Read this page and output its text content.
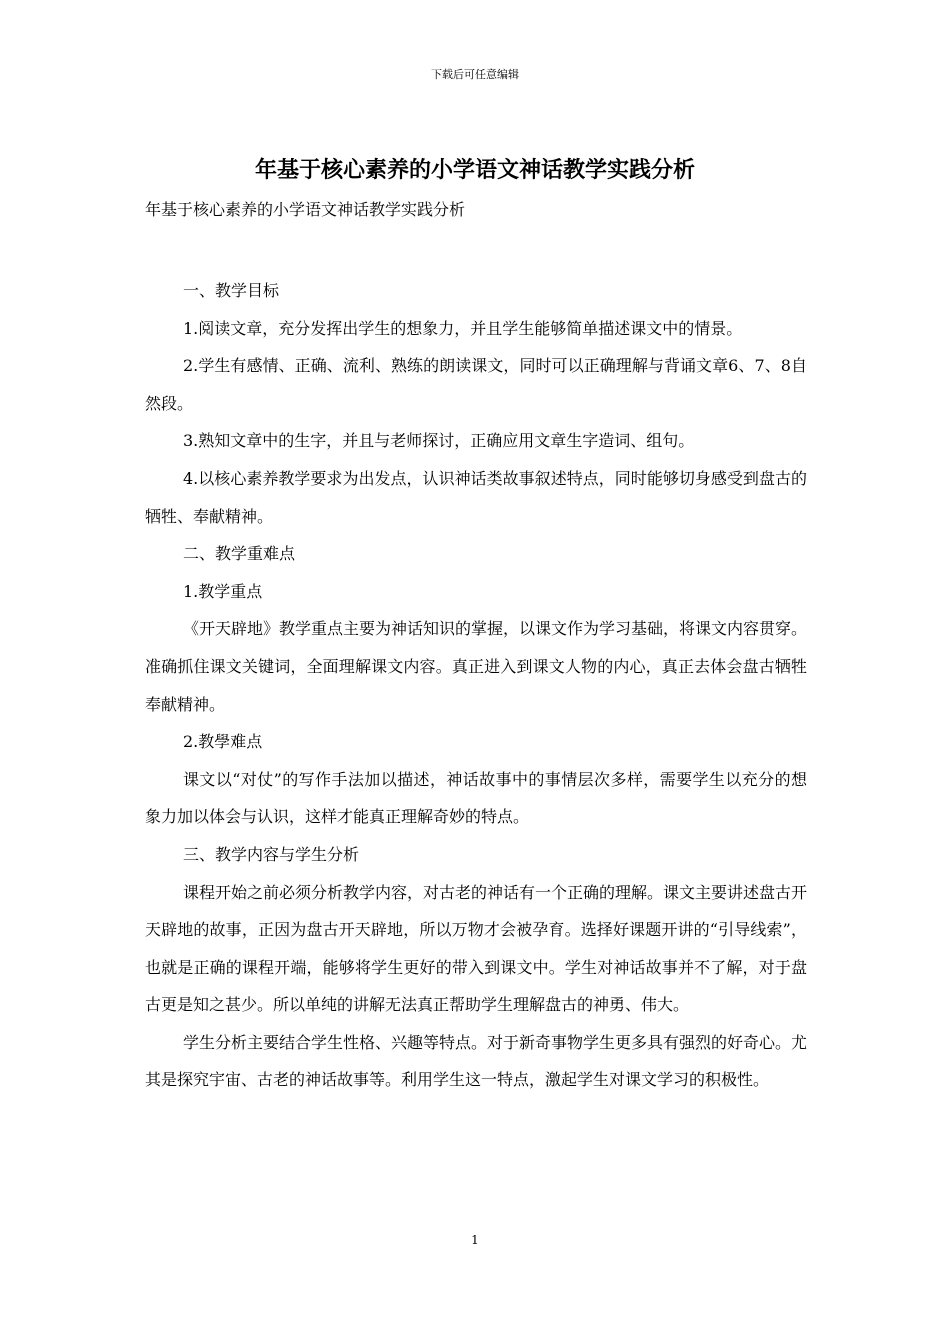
下载后可任意编辑
年基于核心素养的小学语文神话教学实践分析
年基于核心素养的小学语文神话教学实践分析

一、教学目标

1.阅读文章，充分发挥出学生的想象力，并且学生能够简单描述课文中的情景。

2.学生有感情、正确、流利、熟练的朗读课文，同时可以正确理解与背诵文章6、7、8自然段。

3.熟知文章中的生字，并且与老师探讨，正确应用文章生字造词、组句。

4.以核心素养教学要求为出发点，认识神话类故事叙述特点，同时能够切身感受到盘古的牺牲、奉献精神。

二、教学重难点

1.教学重点

《开天辟地》教学重点主要为神话知识的掌握，以课文作为学习基础，将课文内容贯穿。准确抓住课文关键词，全面理解课文内容。真正进入到课文人物的内心，真正去体会盘古牺牲奉献精神。

2.教學难点

课文以“对仗”的写作手法加以描述，神话故事中的事情层次多样，需要学生以充分的想象力加以体会与认识，这样才能真正理解奇妙的特点。

三、教学内容与学生分析

课程开始之前必须分析教学内容，对古老的神话有一个正确的理解。课文主要讲述盘古开天辟地的故事，正因为盘古开天辟地，所以万物才会被孕育。选择好课题开讲的“引导线索”，也就是正确的课程开端，能够将学生更好的带入到课文中。学生对神话故事并不了解，对于盘古更是知之甚少。所以单纯的讲解无法真正帮助学生理解盘古的神勇、伟大。

学生分析主要结合学生性格、兴趣等特点。对于新奇事物学生更多具有强烈的好奇心。尤其是探究宇宙、古老的神话故事等。利用学生这一特点，激起学生对课文学习的积极性。

1
